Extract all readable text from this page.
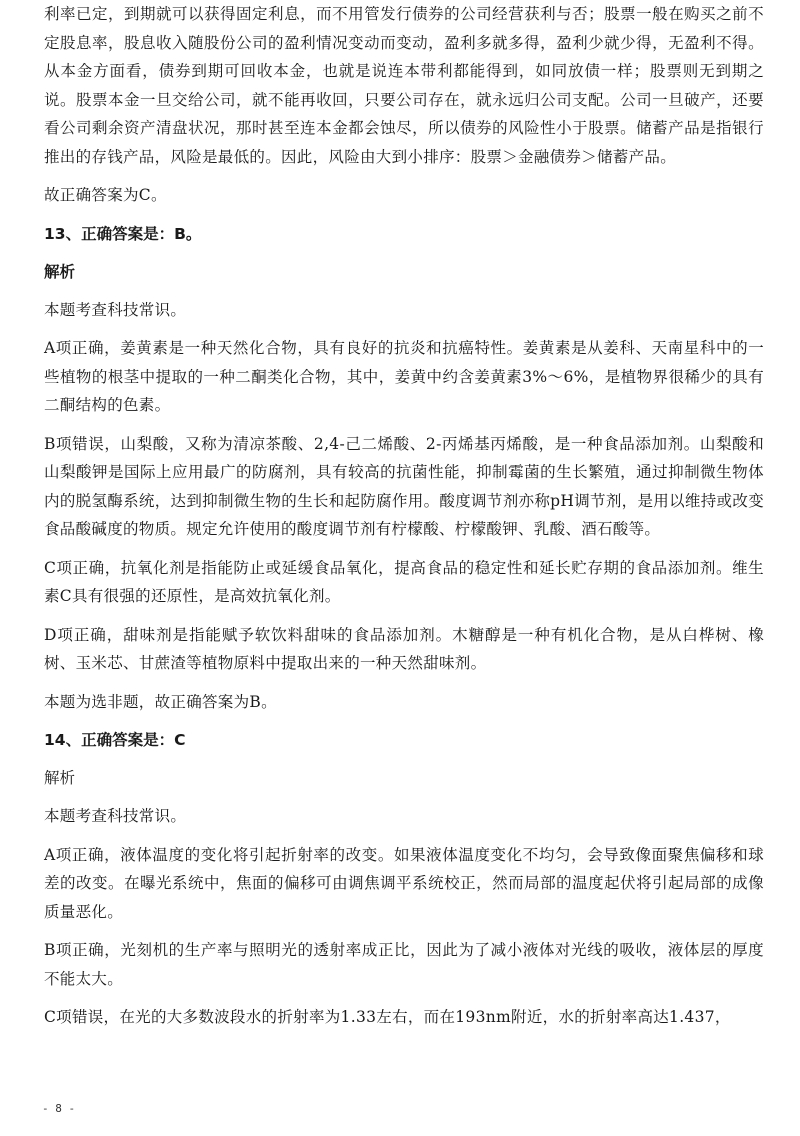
利率已定，到期就可以获得固定利息，而不用管发行债券的公司经营获利与否；股票一般在购买之前不定股息率，股息收入随股份公司的盈利情况变动而变动，盈利多就多得，盈利少就少得，无盈利不得。从本金方面看，债券到期可回收本金，也就是说连本带利都能得到，如同放债一样；股票则无到期之说。股票本金一旦交给公司，就不能再收回，只要公司存在，就永远归公司支配。公司一旦破产，还要看公司剩余资产清盘状况，那时甚至连本金都会蚀尽，所以债券的风险性小于股票。储蓄产品是指银行推出的存钱产品，风险是最低的。因此，风险由大到小排序：股票＞金融债券＞储蓄产品。

故正确答案为C。

13、正确答案是：B。

解析

本题考查科技常识。

A项正确，姜黄素是一种天然化合物，具有良好的抗炎和抗癌特性。姜黄素是从姜科、天南星科中的一些植物的根茎中提取的一种二酮类化合物，其中，姜黄中约含姜黄素3%～6%，是植物界很稀少的具有二酮结构的色素。

B项错误，山梨酸，又称为清凉茶酸、2,4-己二烯酸、2-丙烯基丙烯酸，是一种食品添加剂。山梨酸和山梨酸钾是国际上应用最广的防腐剂，具有较高的抗菌性能，抑制霉菌的生长繁殖，通过抑制微生物体内的脱氢酶系统，达到抑制微生物的生长和起防腐作用。酸度调节剂亦称pH调节剂，是用以维持或改变食品酸碱度的物质。规定允许使用的酸度调节剂有柠檬酸、柠檬酸钾、乳酸、酒石酸等。

C项正确，抗氧化剂是指能防止或延缓食品氧化，提高食品的稳定性和延长贮存期的食品添加剂。维生素C具有很强的还原性，是高效抗氧化剂。

D项正确，甜味剂是指能赋予软饮料甜味的食品添加剂。木糖醇是一种有机化合物，是从白桦树、橡树、玉米芯、甘蔗渣等植物原料中提取出来的一种天然甜味剂。

本题为选非题，故正确答案为B。

14、正确答案是：C

解析

本题考查科技常识。

A项正确，液体温度的变化将引起折射率的改变。如果液体温度变化不均匀，会导致像面聚焦偏移和球差的改变。在曝光系统中，焦面的偏移可由调焦调平系统校正，然而局部的温度起伏将引起局部的成像质量恶化。

B项正确，光刻机的生产率与照明光的透射率成正比，因此为了减小液体对光线的吸收，液体层的厚度不能太大。

C项错误，在光的大多数波段水的折射率为1.33左右，而在193nm附近，水的折射率高达1.437，

- 8 -
